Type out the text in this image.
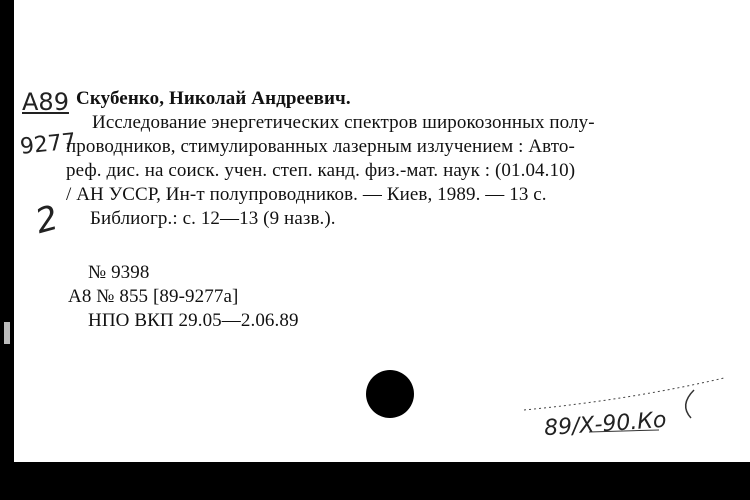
А89
9277
2
Скубенко, Николай Андреевич.
Исследование энергетических спектров широкозонных полу-
проводников, стимулированных лазерным излучением : Авто-
реф. дис. на соиск. учен. степ. канд. физ.-мат. наук : (01.04.10)
/ АН УССР, Ин-т полупроводников. — Киев, 1989. — 13 с.
Библиогр.: с. 12—13 (9 назв.).
№ 9398
А8 № 855 [89-9277а]
НПО ВКП 29.05—2.06.89
89/Х-90.Ко
